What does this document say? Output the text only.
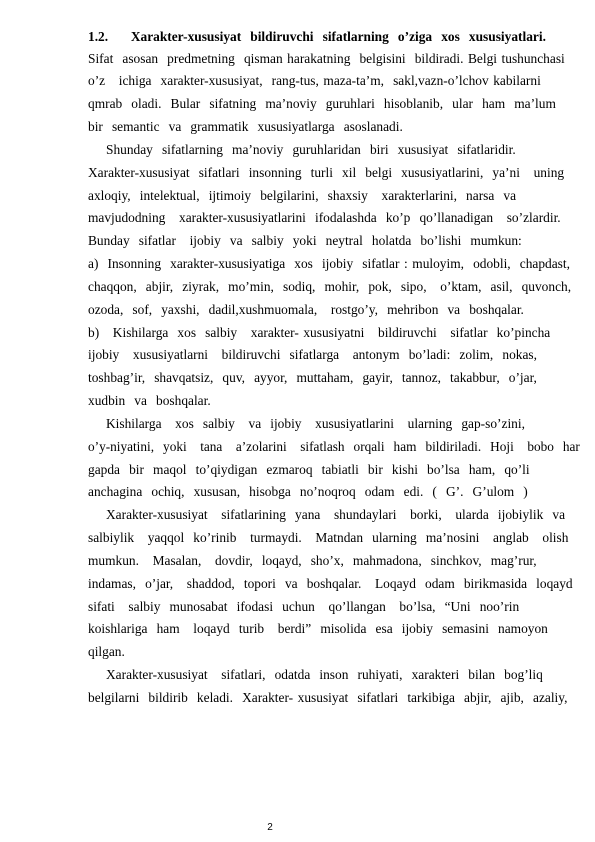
1.2.     Xarakter-xususiyat  bildiruvchi  sifatlarning  o’ziga  xos  xususiyatlari.
Sifat  asosan  predmetning  qisman harakatning  belgisini  bildiradi. Belgi tushunchasi
o’z   ichiga  xarakter-xususiyat,  rang-tus, maza-ta’m,  sakl,vazn-o’lchov kabilarni
qmrab  oladi.  Bular  sifatning  ma’noviy  guruhlari  hisoblanib,  ular  ham  ma’lum
bir  semantic  va  grammatik  xususiyatlarga  asoslanadi.
Shunday  sifatlarning  ma’noviy  guruhlaridan  biri  xususiyat  sifatlaridir.
Xarakter-xususiyat  sifatlari  insonning  turli  xil  belgi  xususiyatlarini,  ya’ni   uning
axloqiy,  intelektual,  ijtimoiy  belgilarini,  shaxsiy   xarakterlarini,  narsa  va
mavjudodning   xarakter-xususiyatlarini  ifodalashda  ko’p  qo’llanadigan   so’zlardir.
Bunday  sifatlar   ijobiy  va  salbiy  yoki  neytral  holatda  bo’lishi  mumkun:
a)  Insonning  xarakter-xususiyatiga  xos  ijobiy  sifatlar : muloyim,  odobli,  chapdast,
chaqqon,  abjir,  ziyrak,  mo’min,  sodiq,  mohir,  pok,  sipo,   o’ktam,  asil,  quvonch,
ozoda,  sof,  yaxshi,  dadil,xushmuomala,   rostgo’y,  mehribon  va  boshqalar.
b)   Kishilarga  xos  salbiy   xarakter- xususiyatni   bildiruvchi   sifatlar  ko’pincha
ijobiy   xususiyatlarni   bildiruvchi  sifatlarga   antonym  bo’ladi:  zolim,  nokas,
toshbag’ir,  shavqatsiz,  quv,  ayyor,  muttaham,  gayir,  tannoz,  takabbur,  o’jar,
xudbin  va  boshqalar.
Kishilarga   xos  salbiy   va  ijobiy   xususiyatlarini   ularning  gap-so’zini,
o’y-niyatini,  yoki   tana   a’zolarini   sifatlash  orqali  ham  bildiriladi.  Hoji   bobo  har
gapda  bir  maqol  to’qiydigan  ezmaroq  tabiatli  bir  kishi  bo’lsa  ham,  qo’li
anchagina  ochiq,  xususan,  hisobga  no’noqroq  odam  edi.  (  G’.  G’ulom  )
Xarakter-xususiyat   sifatlarining  yana   shundaylari   borki,   ularda  ijobiylik  va
salbiylik   yaqqol  ko’rinib   turmaydi.   Matndan  ularning  ma’nosini   anglab   olish
mumkun.   Masalan,   dovdir,  loqayd,  sho’x,  mahmadona,  sinchkov,  mag’rur,
indamas,  o’jar,   shaddod,  topori  va  boshqalar.   Loqayd  odam  birikmasida  loqayd
sifati   salbiy  munosabat  ifodasi  uchun   qo’llangan   bo’lsa,  “Uni  noo’rin
koishlariga  ham   loqayd  turib   berdi”  misolida  esa  ijobiy  semasini  namoyon
qilgan.
Xarakter-xususiyat   sifatlari,  odatda  inson  ruhiyati,  xarakteri  bilan  bog’liq
belgilarni  bildirib  keladi.  Xarakter- xususiyat  sifatlari  tarkibiga  abjir,  ajib,  azaliy,
2
